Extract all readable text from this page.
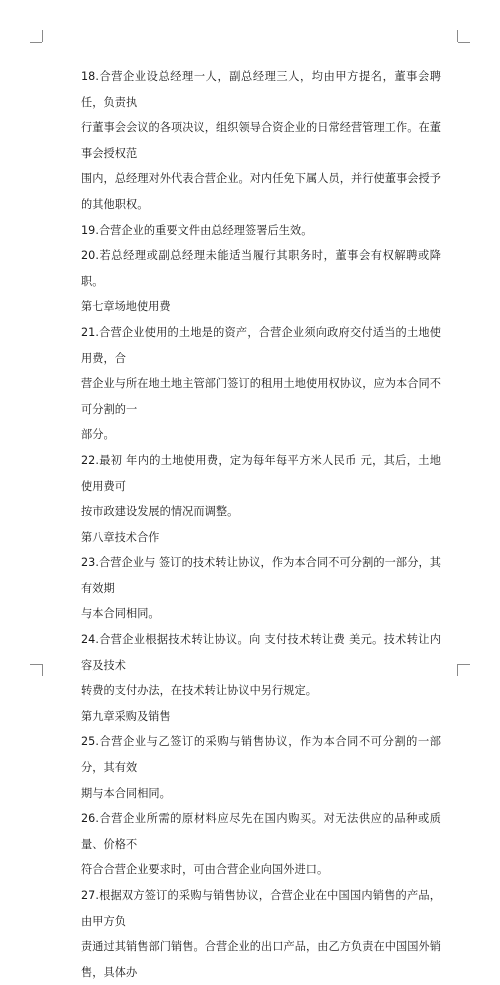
18.合营企业设总经理一人，副总经理三人，均由甲方提名，董事会聘任，负责执
行董事会会议的各项决议，组织领导合资企业的日常经营管理工作。在董事会授权范
围内，总经理对外代表合营企业。对内任免下属人员，并行使董事会授予的其他职权。
19.合营企业的重要文件由总经理签署后生效。
20.若总经理或副总经理未能适当履行其职务时，董事会有权解聘或降职。
第七章场地使用费
21.合营企业使用的土地是的资产，合营企业须向政府交付适当的土地使用费，合
营企业与所在地土地主管部门签订的租用土地使用权协议，应为本合同不可分割的一
部分。
22.最初 年内的土地使用费，定为每年每平方米人民币 元，其后，土地使用费可
按市政建设发展的情况而调整。
第八章技术合作
23.合营企业与 签订的技术转让协议，作为本合同不可分割的一部分，其有效期
与本合同相同。
24.合营企业根据技术转让协议。向 支付技术转让费 美元。技术转让内容及技术
转费的支付办法，在技术转让协议中另行规定。
第九章采购及销售
25.合营企业与乙签订的采购与销售协议，作为本合同不可分割的一部分，其有效
期与本合同相同。
26.合营企业所需的原材料应尽先在国内购买。对无法供应的品种或质量、价格不
符合合营企业要求时，可由合营企业向国外进口。
27.根据双方签订的采购与销售协议，合营企业在中国国内销售的产品，由甲方负
责通过其销售部门销售。合营企业的出口产品，由乙方负责在中国国外销售，具体办
